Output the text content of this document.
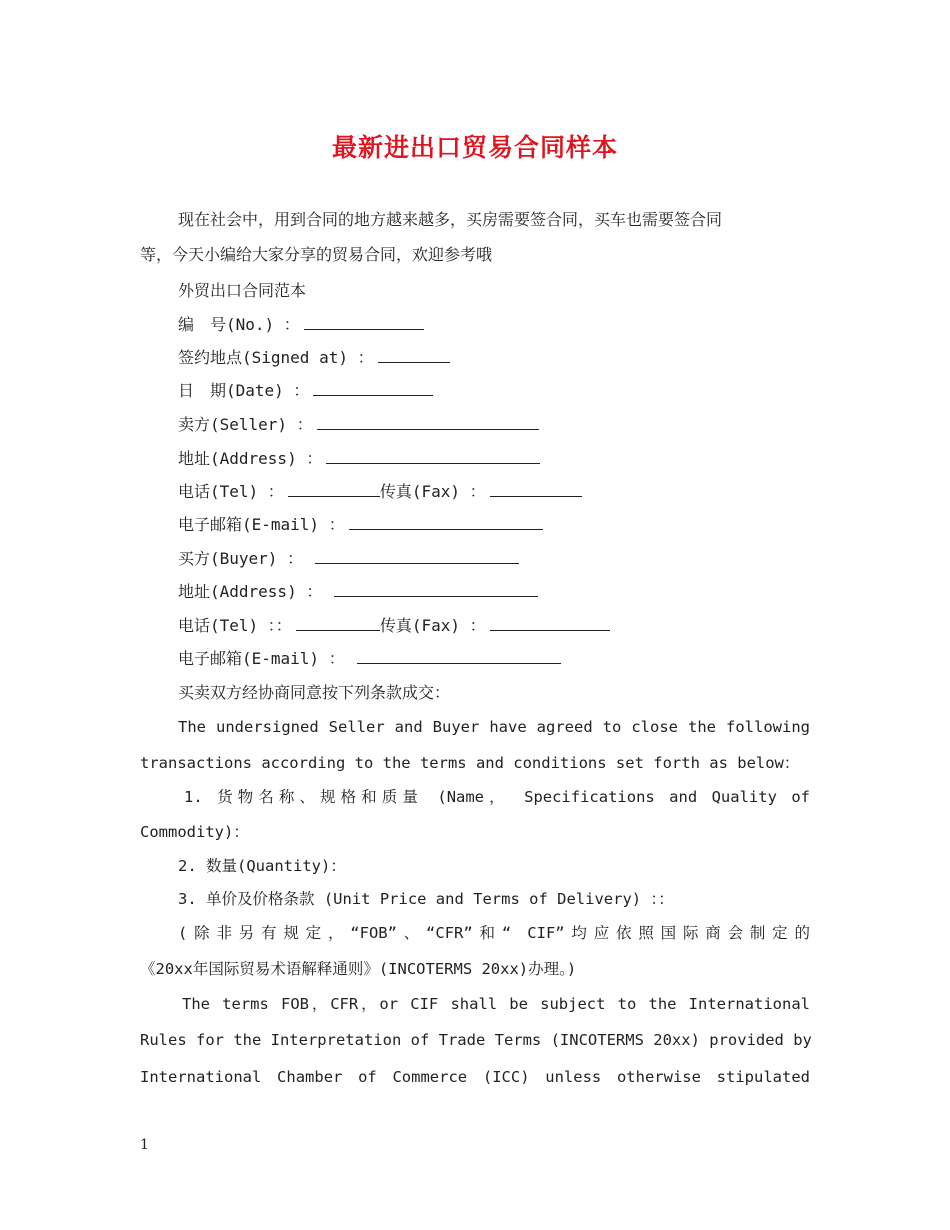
最新进出口贸易合同样本
现在社会中，用到合同的地方越来越多，买房需要签合同，买车也需要签合同
等，今天小编给大家分享的贸易合同，欢迎参考哦
外贸出口合同范本
编　号(No.) ：
签约地点(Signed at) ：
日　期(Date) ：
卖方(Seller) ：
地址(Address) ：
电话(Tel) ：	传真(Fax) ：
电子邮箱(E-mail) ：
买方(Buyer) ：
地址(Address) ：
电话(Tel) ：：	传真(Fax) ：
电子邮箱(E-mail) ：
买卖双方经协商同意按下列条款成交：
The undersigned Seller and Buyer have agreed to close the following
transactions according to the terms and conditions set forth as below：
1. 货物名称、规格和质量 (Name， Specifications and Quality of
Commodity)：
2. 数量(Quantity)：
3. 单价及价格条款 (Unit Price and Terms of Delivery) ：：
(除非另有规定，“FOB”、“CFR”和“ CIF”均应依照国际商会制定的
《20xx年国际贸易术语解释通则》(INCOTERMS 20xx)办理。)
The terms FOB，CFR，or CIF shall be subject to the International
Rules for the Interpretation of Trade Terms (INCOTERMS 20xx) provided by
International Chamber of Commerce (ICC) unless otherwise stipulated
1
